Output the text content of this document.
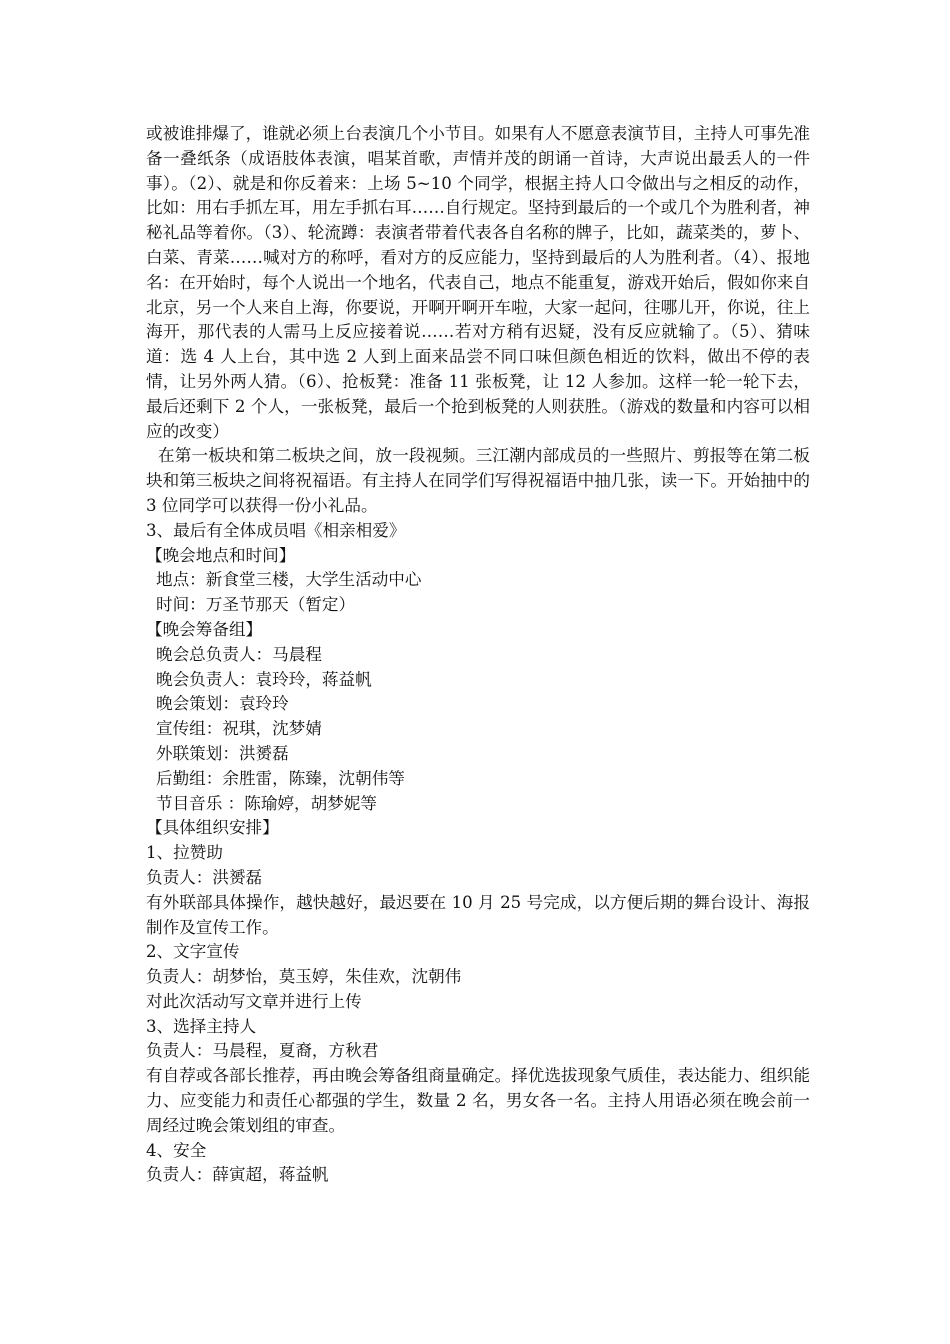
或被谁排爆了，谁就必须上台表演几个小节目。如果有人不愿意表演节目，主持人可事先准备一叠纸条（成语肢体表演，唱某首歌，声情并茂的朗诵一首诗，大声说出最丢人的一件事）。（2）、就是和你反着来：上场 5~10 个同学，根据主持人口令做出与之相反的动作，比如：用右手抓左耳，用左手抓右耳……自行规定。坚持到最后的一个或几个为胜利者，神秘礼品等着你。（3）、轮流蹲：表演者带着代表各自名称的牌子，比如，蔬菜类的，萝卜、白菜、青菜……喊对方的称呼，看对方的反应能力，坚持到最后的人为胜利者。（4）、报地名：在开始时，每个人说出一个地名，代表自己，地点不能重复，游戏开始后，假如你来自北京，另一个人来自上海，你要说，开啊开啊开车啦，大家一起问，往哪儿开，你说，往上海开，那代表的人需马上反应接着说……若对方稍有迟疑，没有反应就输了。（5）、猜味道：选 4 人上台，其中选 2 人到上面来品尝不同口味但颜色相近的饮料，做出不停的表情，让另外两人猜。（6）、抢板凳：准备 11 张板凳，让 12 人参加。这样一轮一轮下去，最后还剩下 2 个人，一张板凳，最后一个抢到板凳的人则获胜。（游戏的数量和内容可以相应的改变）

在第一板块和第二板块之间，放一段视频。三江潮内部成员的一些照片、剪报等在第二板块和第三板块之间将祝福语。有主持人在同学们写得祝福语中抽几张，读一下。开始抽中的 3 位同学可以获得一份小礼品。

3、最后有全体成员唱《相亲相爱》

【晚会地点和时间】

地点：新食堂三楼，大学生活动中心

时间：万圣节那天（暂定）

【晚会筹备组】

晚会总负责人：马晨程

晚会负责人：袁玲玲，蒋益帆

晚会策划：袁玲玲

宣传组：祝琪，沈梦婧

外联策划：洪赟磊

后勤组：余胜雷，陈臻，沈朝伟等

节目音乐 ：陈瑜婷，胡梦妮等

【具体组织安排】

1、拉赞助

负责人：洪赟磊

有外联部具体操作，越快越好，最迟要在 10 月 25 号完成，以方便后期的舞台设计、海报制作及宣传工作。

2、文字宣传

负责人：胡梦怡，莫玉婷，朱佳欢，沈朝伟

对此次活动写文章并进行上传

3、选择主持人

负责人：马晨程，夏裔，方秋君

有自荐或各部长推荐，再由晚会筹备组商量确定。择优选拔现象气质佳，表达能力、组织能力、应变能力和责任心都强的学生，数量 2 名，男女各一名。主持人用语必须在晚会前一周经过晚会策划组的审查。

4、安全

负责人：薛寅超，蒋益帆
